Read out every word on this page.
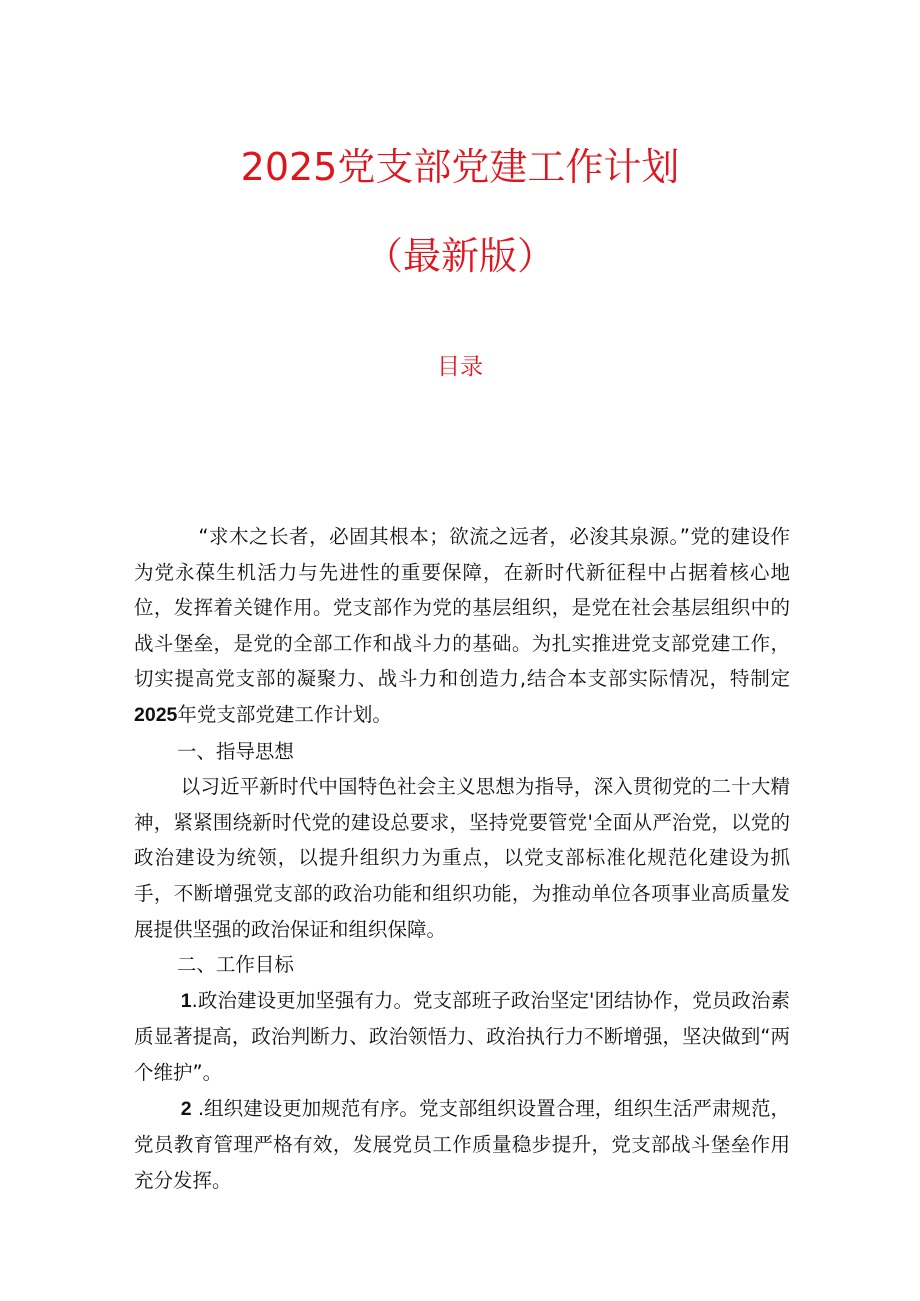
2025党支部党建工作计划
（最新版）
目录

“求木之长者，必固其根本；欲流之远者，必浚其泉源。”党的建设作为党永葆生机活力与先进性的重要保障，在新时代新征程中占据着核心地位，发挥着关键作用。党支部作为党的基层组织，是党在社会基层组织中的战斗堡垒，是党的全部工作和战斗力的基础。为扎实推进党支部党建工作，切实提高党支部的凝聚力、战斗力和创造力,结合本支部实际情况，特制定2025年党支部党建工作计划。

一、指导思想

以习近平新时代中国特色社会主义思想为指导，深入贯彻党的二十大精神，紧紧围绕新时代党的建设总要求，坚持党要管党'全面从严治党，以党的政治建设为统领，以提升组织力为重点，以党支部标准化规范化建设为抓手，不断增强党支部的政治功能和组织功能，为推动单位各项事业高质量发展提供坚强的政治保证和组织保障。

二、工作目标

1.政治建设更加坚强有力。党支部班子政治坚定'团结协作，党员政治素质显著提高，政治判断力、政治领悟力、政治执行力不断增强，坚决做到“两个维护”。

2 .组织建设更加规范有序。党支部组织设置合理，组织生活严肃规范，党员教育管理严格有效，发展党员工作质量稳步提升，党支部战斗堡垒作用充分发挥。
